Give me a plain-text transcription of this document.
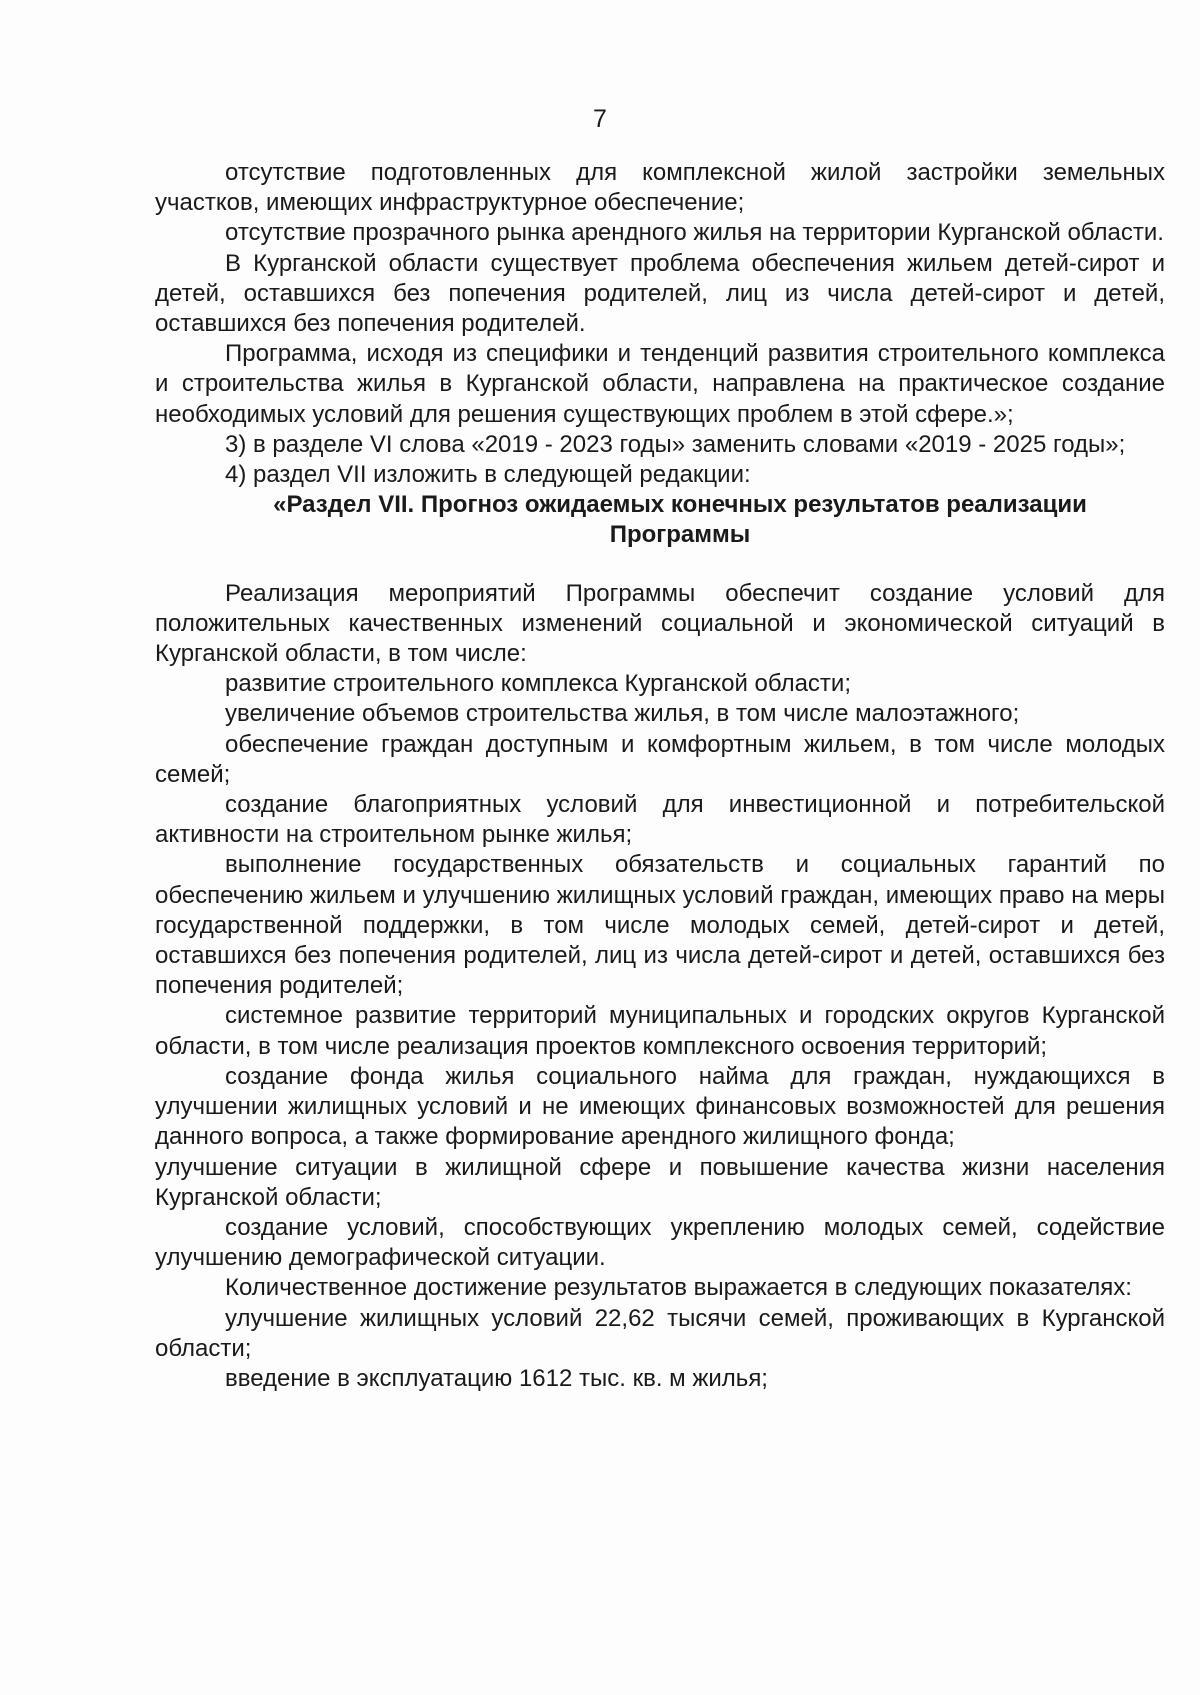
7

отсутствие подготовленных для комплексной жилой застройки земельных участков, имеющих инфраструктурное обеспечение;

отсутствие прозрачного рынка арендного жилья на территории Курганской области.

В Курганской области существует проблема обеспечения жильем детей-сирот и детей, оставшихся без попечения родителей, лиц из числа детей-сирот и детей, оставшихся без попечения родителей.

Программа, исходя из специфики и тенденций развития строительного комплекса и строительства жилья в Курганской области, направлена на практическое создание необходимых условий для решения существующих проблем в этой сфере.»;

3) в разделе VI слова «2019 - 2023 годы» заменить словами «2019 - 2025 годы»;

4) раздел VII изложить в следующей редакции:

«Раздел VII. Прогноз ожидаемых конечных результатов реализации

Программы

Реализация мероприятий Программы обеспечит создание условий для положительных качественных изменений социальной и экономической ситуаций в Курганской области, в том числе:

развитие строительного комплекса Курганской области;

увеличение объемов строительства жилья, в том числе малоэтажного;

обеспечение граждан доступным и комфортным жильем, в том числе молодых семей;

создание благоприятных условий для инвестиционной и потребительской активности на строительном рынке жилья;

выполнение государственных обязательств и социальных гарантий по обеспечению жильем и улучшению жилищных условий граждан, имеющих право на меры государственной поддержки, в том числе молодых семей, детей-сирот и детей, оставшихся без попечения родителей, лиц из числа детей-сирот и детей, оставшихся без попечения родителей;

системное развитие территорий муниципальных и городских округов Курганской области, в том числе реализация проектов комплексного освоения территорий;

создание фонда жилья социального найма для граждан, нуждающихся в улучшении жилищных условий и не имеющих финансовых возможностей для решения данного вопроса, а также формирование арендного жилищного фонда;

улучшение ситуации в жилищной сфере и повышение качества жизни населения Курганской области;

создание условий, способствующих укреплению молодых семей, содействие улучшению демографической ситуации.

Количественное достижение результатов выражается в следующих показателях:

улучшение жилищных условий 22,62 тысячи семей, проживающих в Курганской области;

введение в эксплуатацию 1612 тыс. кв. м жилья;
